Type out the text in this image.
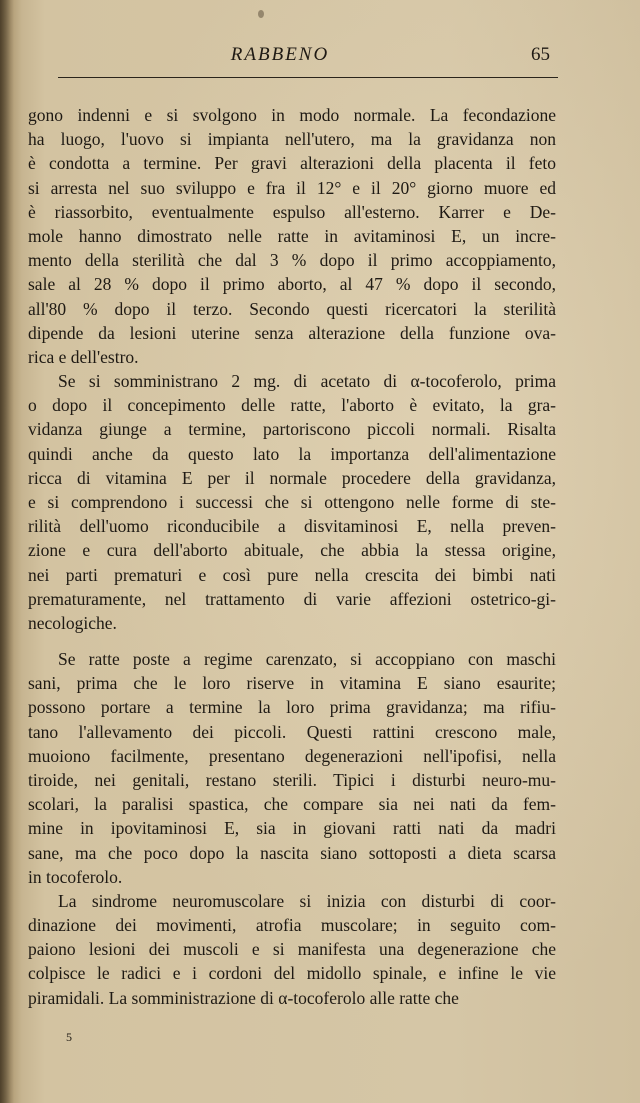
RABBENO	65
gono indenni e si svolgono in modo normale. La fecondazione
ha luogo, l'uovo si impianta nell'utero, ma la gravidanza non
è condotta a termine. Per gravi alterazioni della placenta il feto
si arresta nel suo sviluppo e fra il 12° e il 20° giorno muore ed
è riassorbito, eventualmente espulso all'esterno. Karrer e De-
mole hanno dimostrato nelle ratte in avitaminosi E, un incre-
mento della sterilità che dal 3 % dopo il primo accoppiamento,
sale al 28 % dopo il primo aborto, al 47 % dopo il secondo,
all'80 % dopo il terzo. Secondo questi ricercatori la sterilità
dipende da lesioni uterine senza alterazione della funzione ova-
rica e dell'estro.
Se si somministrano 2 mg. di acetato di α-tocoferolo, prima
o dopo il concepimento delle ratte, l'aborto è evitato, la gra-
vidanza giunge a termine, partoriscono piccoli normali. Risalta
quindi anche da questo lato la importanza dell'alimentazione
ricca di vitamina E per il normale procedere della gravidanza,
e si comprendono i successi che si ottengono nelle forme di ste-
rilità dell'uomo riconducibile a disvitaminosi E, nella preven-
zione e cura dell'aborto abituale, che abbia la stessa origine,
nei parti prematuri e così pure nella crescita dei bimbi nati
prematuramente, nel trattamento di varie affezioni ostetrico-gi-
necologiche.
Se ratte poste a regime carenzato, si accoppiano con maschi
sani, prima che le loro riserve in vitamina E siano esaurite;
possono portare a termine la loro prima gravidanza; ma rifiu-
tano l'allevamento dei piccoli. Questi rattini crescono male,
muoiono facilmente, presentano degenerazioni nell'ipofisi, nella
tiroide, nei genitali, restano sterili. Tipici i disturbi neuro-mu-
scolari, la paralisi spastica, che compare sia nei nati da fem-
mine in ipovitaminosi E, sia in giovani ratti nati da madri
sane, ma che poco dopo la nascita siano sottoposti a dieta scarsa
in tocoferolo.
La sindrome neuromuscolare si inizia con disturbi di coor-
dinazione dei movimenti, atrofia muscolare; in seguito com-
paiono lesioni dei muscoli e si manifesta una degenerazione che
colpisce le radici e i cordoni del midollo spinale, e infine le vie
piramidali. La somministrazione di α-tocoferolo alle ratte che
5
